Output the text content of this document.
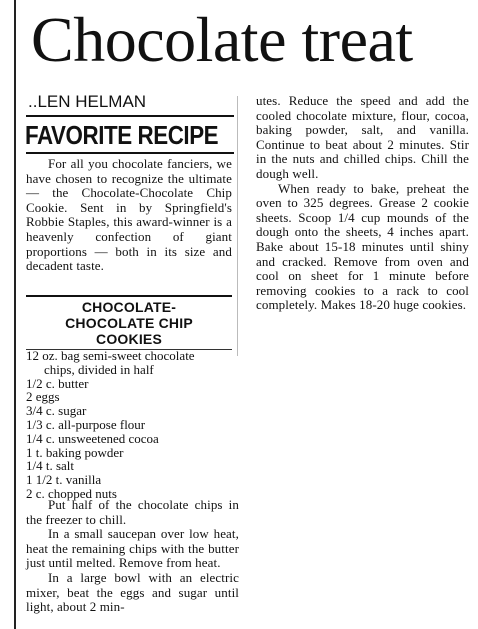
Chocolate treat
..LEN HELMAN
FAVORITE RECIPE

For all you chocolate fanciers, we have chosen to recognize the ultimate — the Chocolate-Chocolate Chip Cookie. Sent in by Springfield's Robbie Staples, this award-winner is a heavenly confection of giant proportions — both in its size and decadent taste.

CHOCOLATE-
CHOCOLATE CHIP
COOKIES
12 oz. bag semi-sweet chocolate
chips, divided in half
1/2 c. butter
2 eggs
3/4 c. sugar
1/3 c. all-purpose flour
1/4 c. unsweetened cocoa
1 t. baking powder
1/4 t. salt
1 1/2 t. vanilla
2 c. chopped nuts

Put half of the chocolate chips in the freezer to chill.

In a small saucepan over low heat, heat the remaining chips with the butter just until melted. Remove from heat.

In a large bowl with an electric mixer, beat the eggs and sugar until light, about 2 min-

utes. Reduce the speed and add the cooled chocolate mixture, flour, cocoa, baking powder, salt, and vanilla. Continue to beat about 2 minutes. Stir in the nuts and chilled chips. Chill the dough well.

When ready to bake, preheat the oven to 325 degrees. Grease 2 cookie sheets. Scoop 1/4 cup mounds of the dough onto the sheets, 4 inches apart. Bake about 15-18 minutes until shiny and cracked. Remove from oven and cool on sheet for 1 minute before removing cookies to a rack to cool completely. Makes 18-20 huge cookies.
